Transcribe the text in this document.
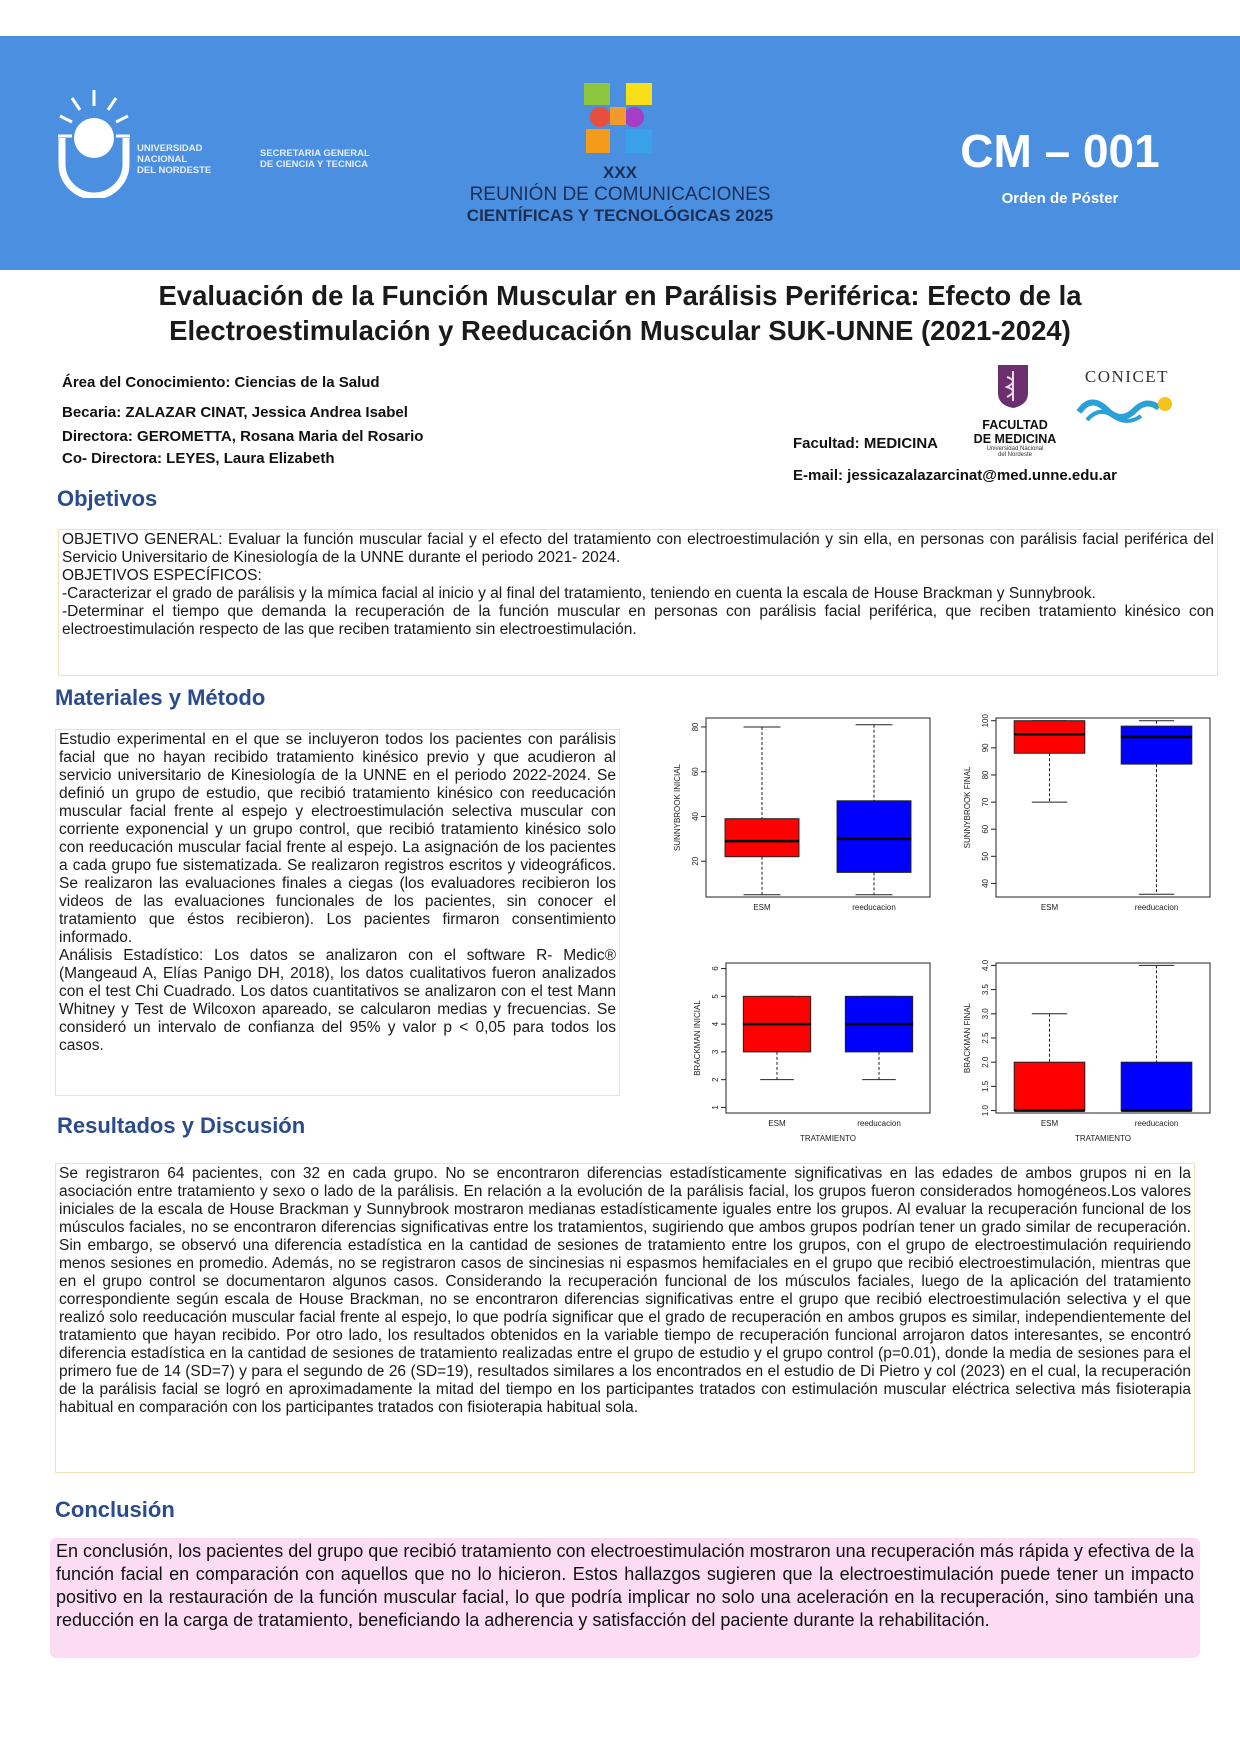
UNIVERSIDAD
NACIONAL
DEL NORDESTE
SECRETARIA GENERAL
DE CIENCIA Y TECNICA	XXX
REUNIÓN DE COMUNICACIONES
CIENTÍFICAS Y TECNOLÓGICAS 2025
CM – 001
Orden de Póster
Evaluación de la Función Muscular en Parálisis Periférica: Efecto de la
Electroestimulación y Reeducación Muscular SUK-UNNE (2021-2024)
Área del Conocimiento: Ciencias de la Salud
Becaria: ZALAZAR CINAT, Jessica Andrea Isabel
Directora: GEROMETTA, Rosana Maria del Rosario
Co- Directora: LEYES, Laura Elizabeth
Facultad: MEDICINA
E-mail: jessicazalazarcinat@med.unne.edu.ar
FACULTAD
DE MEDICINA
Universidad Nacional
del Nordeste
CONICET
Objetivos
OBJETIVO GENERAL: Evaluar la función muscular facial y el efecto del tratamiento con electroestimulación y sin ella, en personas con parálisis facial periférica del Servicio Universitario de Kinesiología de la UNNE durante el periodo 2021- 2024.
OBJETIVOS ESPECÍFICOS:
-Caracterizar el grado de parálisis y la mímica facial al inicio y al final del tratamiento, teniendo en cuenta la escala de House Brackman y Sunnybrook.
-Determinar el tiempo que demanda la recuperación de la función muscular en personas con parálisis facial periférica, que reciben tratamiento kinésico con electroestimulación respecto de las que reciben tratamiento sin electroestimulación.
Materiales y Método
Estudio experimental en el que se incluyeron todos los pacientes con parálisis facial que no hayan recibido tratamiento kinésico previo y que acudieron al servicio universitario de Kinesiología de la UNNE en el periodo 2022-2024. Se definió un grupo de estudio, que recibió tratamiento kinésico con reeducación muscular facial frente al espejo y electroestimulación selectiva muscular con corriente exponencial y un grupo control, que recibió tratamiento kinésico solo con reeducación muscular facial frente al espejo. La asignación de los pacientes a cada grupo fue sistematizada. Se realizaron registros escritos y videográficos. Se realizaron las evaluaciones finales a ciegas (los evaluadores recibieron los videos de las evaluaciones funcionales de los pacientes, sin conocer el tratamiento que éstos recibieron). Los pacientes firmaron consentimiento informado.
Análisis Estadístico: Los datos se analizaron con el software R- Medic® (Mangeaud A, Elías Panigo DH, 2018), los datos cualitativos fueron analizados con el test Chi Cuadrado. Los datos cuantitativos se analizaron con el test Mann Whitney y Test de Wilcoxon apareado, se calcularon medias y frecuencias. Se consideró un intervalo de confianza del 95% y valor p < 0,05 para todos los casos.
20
40
60
80
SUNNYBROOK INICIAL
ESM	reeducacion
40
50
60
70
80
90
100
SUNNYBROOK FINAL
ESM	reeducacion
1
2
3
4
5
6
BRACKMAN INICIAL
ESM	reeducacion
TRATAMIENTO
1.0
1.5
2.0
2.5
3.0
3.5
4.0
BRACKMAN FINAL
ESM	reeducacion
TRATAMIENTO
Resultados y Discusión
Se registraron 64 pacientes, con 32 en cada grupo. No se encontraron diferencias estadísticamente significativas en las edades de ambos grupos ni en la asociación entre tratamiento y sexo o lado de la parálisis. En relación a la evolución de la parálisis facial, los grupos fueron considerados homogéneos.Los valores iniciales de la escala de House Brackman y Sunnybrook mostraron medianas estadísticamente iguales entre los grupos. Al evaluar la recuperación funcional de los músculos faciales, no se encontraron diferencias significativas entre los tratamientos, sugiriendo que ambos grupos podrían tener un grado similar de recuperación. Sin embargo, se observó una diferencia estadística en la cantidad de sesiones de tratamiento entre los grupos, con el grupo de electroestimulación requiriendo menos sesiones en promedio. Además, no se registraron casos de sincinesias ni espasmos hemifaciales en el grupo que recibió electroestimulación, mientras que en el grupo control se documentaron algunos casos. Considerando la recuperación funcional de los músculos faciales, luego de la aplicación del tratamiento correspondiente según escala de House Brackman, no se encontraron diferencias significativas entre el grupo que recibió electroestimulación selectiva y el que realizó solo reeducación muscular facial frente al espejo, lo que podría significar que el grado de recuperación en ambos grupos es similar, independientemente del tratamiento que hayan recibido. Por otro lado, los resultados obtenidos en la variable tiempo de recuperación funcional arrojaron datos interesantes, se encontró diferencia estadística en la cantidad de sesiones de tratamiento realizadas entre el grupo de estudio y el grupo control (p=0.01), donde la media de sesiones para el primero fue de 14 (SD=7) y para el segundo de 26 (SD=19), resultados similares a los encontrados en el estudio de Di Pietro y col (2023) en el cual, la recuperación de la parálisis facial se logró en aproximadamente la mitad del tiempo en los participantes tratados con estimulación muscular eléctrica selectiva más fisioterapia habitual en comparación con los participantes tratados con fisioterapia habitual sola.
Conclusión
En conclusión, los pacientes del grupo que recibió tratamiento con electroestimulación mostraron una recuperación más rápida y efectiva de la función facial en comparación con aquellos que no lo hicieron. Estos hallazgos sugieren que la electroestimulación puede tener un impacto positivo en la restauración de la función muscular facial, lo que podría implicar no solo una aceleración en la recuperación, sino también una reducción en la carga de tratamiento, beneficiando la adherencia y satisfacción del paciente durante la rehabilitación.
